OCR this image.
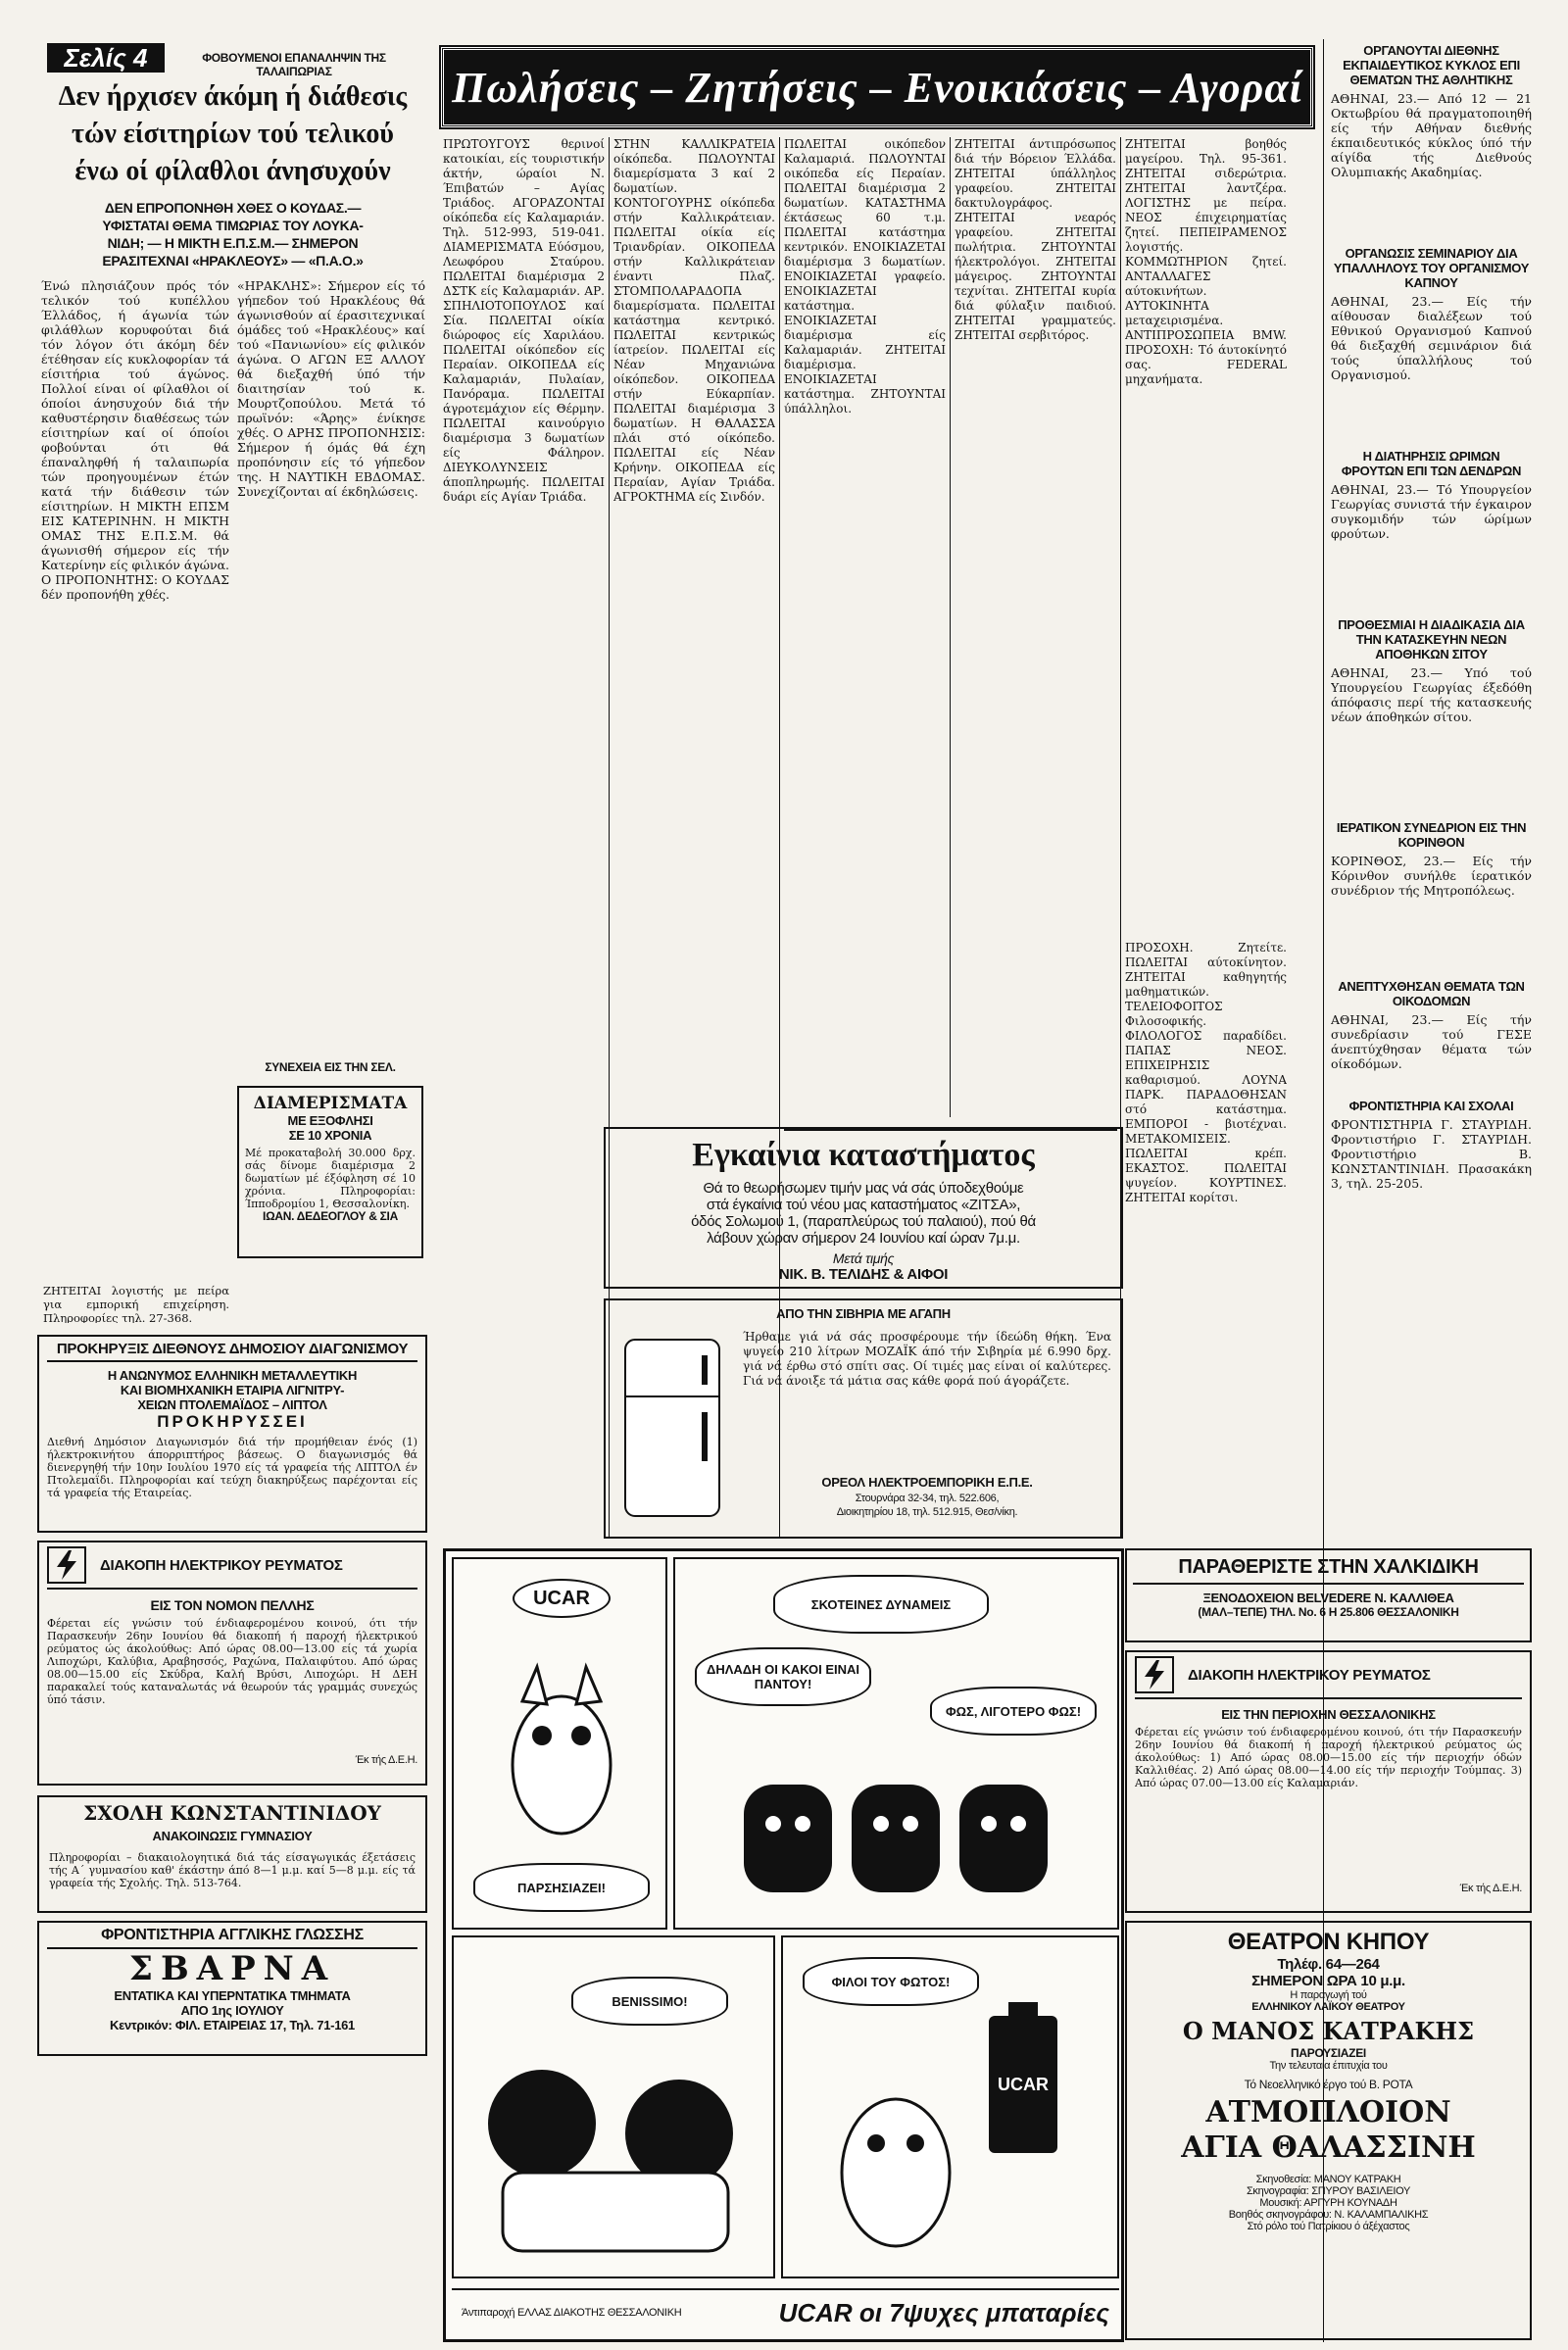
Σελίς 4	ΦΟΒΟΥΜΕΝΟΙ ΕΠΑΝΑΛΗΨΙΝ ΤΗΣ ΤΑΛΑΙΠΩΡΙΑΣ
Δεν ήρχισεν άκόμη ή διάθεσις
τών είσιτηρίων τού τελικού
ένω οί φίλαθλοι άνησυχούν
ΔΕΝ ΕΠΡΟΠΟΝΗΘΗ ΧΘΕΣ Ο ΚΟΥΔΑΣ.—
ΥΦΙΣΤΑΤΑΙ ΘΕΜΑ ΤΙΜΩΡΙΑΣ ΤΟΥ ΛΟΥΚΑ-
ΝΙΔΗ; — Η ΜΙΚΤΗ Ε.Π.Σ.Μ.— ΣΗΜΕΡΟΝ
ΕΡΑΣΙΤΕΧΝΑΙ «ΗΡΑΚΛΕΟΥΣ» — «Π.Α.Ο.»
Ένώ πλησιάζουν πρός τόν τελικόν τού κυπέλλου Έλλάδος, ή άγωνία τών φιλάθλων κορυφούται διά τόν λόγον ότι άκόμη δέν έτέθησαν είς κυκλοφορίαν τά είσιτήρια τού άγώνος. Πολλοί είναι οί φίλαθλοι οί όποίοι άνησυχούν διά τήν καθυστέρησιν διαθέσεως τών είσιτηρίων καί οί όποίοι φοβούνται ότι θά έπαναληφθή ή ταλαιπωρία τών προηγουμένων έτών κατά τήν διάθεσιν τών είσιτηρίων. Η ΜΙΚΤΗ ΕΠΣΜ ΕΙΣ ΚΑΤΕΡΙΝΗΝ. Η ΜΙΚΤΗ ΟΜΑΣ ΤΗΣ Ε.Π.Σ.Μ. θά άγωνισθή σήμερον είς τήν Κατερίνην είς φιλικόν άγώνα. Ο ΠΡΟΠΟΝΗΤΗΣ: Ο ΚΟΥΔΑΣ δέν προπονήθη χθές.
«ΗΡΑΚΛΗΣ»: Σήμερον είς τό γήπεδον τού Ηρακλέους θά άγωνισθούν αί έρασιτεχνικαί όμάδες τού «Ηρακλέους» καί τού «Πανιωνίου» είς φιλικόν άγώνα. Ο ΑΓΩΝ ΕΞ ΑΛΛΟΥ θά διεξαχθή ύπό τήν διαιτησίαν τού κ. Μουρτζοπούλου. Μετά τό πρωϊνόν: «Άρης» ένίκησε χθές. Ο ΑΡΗΣ ΠΡΟΠΟΝΗΣΙΣ: Σήμερον ή όμάς θά έχη προπόνησιν είς τό γήπεδον της. Η ΝΑΥΤΙΚΗ ΕΒΔΟΜΑΣ. Συνεχίζονται αί έκδηλώσεις.
ΔΙΑΜΕΡΙΣΜΑΤΑ
ΜΕ ΕΞΟΦΛΗΣΙ
ΣΕ 10 ΧΡΟΝΙΑ
Μέ προκαταβολή 30.000 δρχ. σάς δίνομε διαμέρισμα 2 δωματίων μέ έξόφληση σέ 10 χρόνια. Πληροφορίαι: Ίπποδρομίου 1, Θεσσαλονίκη.
ΙΩΑΝ. ΔΕΔΕΟΓΛΟΥ & ΣΙΑ
ΖΗΤΕΙΤΑΙ λογιστής με πείρα για εμπορική επιχείρηση. Πληροφορίες τηλ. 27-368.
ΠΡΟΚΗΡΥΞΙΣ ΔΙΕΘΝΟΥΣ ΔΗΜΟΣΙΟΥ ΔΙΑΓΩΝΙΣΜΟΥ
Η ΑΝΩΝΥΜΟΣ ΕΛΛΗΝΙΚΗ ΜΕΤΑΛΛΕΥΤΙΚΗ
ΚΑΙ ΒΙΟΜΗΧΑΝΙΚΗ ΕΤΑΙΡΙΑ ΛΙΓΝΙΤΡΥ-
ΧΕΙΩΝ ΠΤΟΛΕΜΑΪΔΟΣ – ΛΙΠΤΟΛ
ΠΡΟΚΗΡΥΣΣΕΙ
Διεθνή Δημόσιον Διαγωνισμόν διά τήν προμήθειαν ένός (1) ήλεκτροκινήτου άπορριπτήρος βάσεως. Ο διαγωνισμός θά διενεργηθή τήν 10ην Ιουλίου 1970 είς τά γραφεία τής ΛΙΠΤΟΛ έν Πτολεμαΐδι. Πληροφορίαι καί τεύχη διακηρύξεως παρέχονται είς τά γραφεία τής Εταιρείας.
ΔΙΑΚΟΠΗ ΗΛΕΚΤΡΙΚΟΥ ΡΕΥΜΑΤΟΣ
ΕΙΣ ΤΟΝ ΝΟΜΟΝ ΠΕΛΛΗΣ
Φέρεται είς γνώσιν τού ένδιαφερομένου κοινού, ότι τήν Παρασκευήν 26ην Ιουνίου θά διακοπή ή παροχή ήλεκτρικού ρεύματος ώς άκολούθως: Από ώρας 08.00—13.00 είς τά χωρία Λιποχώρι, Καλύβια, Αραβησσός, Ραχώνα, Παλαιφύτου. Από ώρας 08.00—15.00 είς Σκύδρα, Καλή Βρύσι, Λιποχώρι. Η ΔΕΗ παρακαλεί τούς καταναλωτάς νά θεωρούν τάς γραμμάς συνεχώς ύπό τάσιν.
Έκ τής Δ.Ε.Η.
ΣΧΟΛΗ ΚΩΝΣΤΑΝΤΙΝΙΔΟΥ
ΑΝΑΚΟΙΝΩΣΙΣ ΓΥΜΝΑΣΙΟΥ
Πληροφορίαι – διακαιολογητικά διά τάς είσαγωγικάς έξετάσεις τής Α΄ γυμνασίου καθ' έκάστην άπό 8—1 μ.μ. καί 5—8 μ.μ. είς τά γραφεία τής Σχολής. Τηλ. 513-764.
ΦΡΟΝΤΙΣΤΗΡΙΑ ΑΓΓΛΙΚΗΣ ΓΛΩΣΣΗΣ
ΣΒΑΡΝΑ
ΕΝΤΑΤΙΚΑ ΚΑΙ ΥΠΕΡΝΤΑΤΙΚΑ ΤΜΗΜΑΤΑ
ΑΠΟ 1ης ΙΟΥΛΙΟΥ
Κεντρικόν: ΦΙΛ. ΕΤΑΙΡΕΙΑΣ 17, Τηλ. 71-161
Πωλήσεις – Ζητήσεις – Ενοικιάσεις – Αγοραί
ΠΡΩΤΟΥΓΟΥΣ θερινοί κατοικίαι, είς τουριστικήν άκτήν, ώραίοι Ν. Έπιβατών – Αγίας Τριάδος. ΑΓΟΡΑΖΟΝΤΑΙ οίκόπεδα είς Καλαμαριάν. Τηλ. 512-993, 519-041. ΔΙΑΜΕΡΙΣΜΑΤΑ Εύόσμου, Λεωφόρου Σταύρου. ΠΩΛΕΙΤΑΙ διαμέρισμα 2 ΔΣΤΚ είς Καλαμαριάν. ΑΡ. ΣΠΗΛΙΟΤΟΠΟΥΛΟΣ καί Σία. ΠΩΛΕΙΤΑΙ οίκία διώροφος είς Χαριλάου. ΠΩΛΕΙΤΑΙ οίκόπεδον είς Περαίαν. ΟΙΚΟΠΕΔΑ είς Καλαμαριάν, Πυλαίαν, Πανόραμα. ΠΩΛΕΙΤΑΙ άγροτεμάχιον είς Θέρμην. ΠΩΛΕΙΤΑΙ καινούργιο διαμέρισμα 3 δωματίων είς Φάληρον. ΔΙΕΥΚΟΛΥΝΣΕΙΣ άποπληρωμής. ΠΩΛΕΙΤΑΙ δυάρι είς Αγίαν Τριάδα.
ΣΤΗΝ ΚΑΛΛΙΚΡΑΤΕΙΑ οίκόπεδα. ΠΩΛΟΥΝΤΑΙ διαμερίσματα 3 καί 2 δωματίων. ΚΟΝΤΟΓΟΥΡΗΣ οίκόπεδα στήν Καλλικράτειαν. ΠΩΛΕΙΤΑΙ οίκία είς Τριανδρίαν. ΟΙΚΟΠΕΔΑ στήν Καλλικράτειαν έναντι Πλαζ. ΣΤΟΜΠΟΛΑΡΑΔΟΠΑ διαμερίσματα. ΠΩΛΕΙΤΑΙ κατάστημα κεντρικό. ΠΩΛΕΙΤΑΙ κεντρικώς ίατρείον. ΠΩΛΕΙΤΑΙ είς Νέαν Μηχανιώνα οίκόπεδον. ΟΙΚΟΠΕΔΑ στήν Εύκαρπίαν. ΠΩΛΕΙΤΑΙ διαμέρισμα 3 δωματίων. Η ΘΑΛΑΣΣΑ πλάι στό οίκόπεδο. ΠΩΛΕΙΤΑΙ είς Νέαν Κρήνην. ΟΙΚΟΠΕΔΑ είς Περαίαν, Αγίαν Τριάδα. ΑΓΡΟΚΤΗΜΑ είς Σινδόν.
ΠΩΛΕΙΤΑΙ οικόπεδον Καλαμαριά. ΠΩΛΟΥΝΤΑΙ οικόπεδα είς Περαίαν. ΠΩΛΕΙΤΑΙ διαμέρισμα 2 δωματίων. ΚΑΤΑΣΤΗΜΑ έκτάσεως 60 τ.μ. ΠΩΛΕΙΤΑΙ κατάστημα κεντρικόν. ΕΝΟΙΚΙΑΖΕΤΑΙ διαμέρισμα 3 δωματίων. ΕΝΟΙΚΙΑΖΕΤΑΙ γραφείο. ΕΝΟΙΚΙΑΖΕΤΑΙ κατάστημα. ΕΝΟΙΚΙΑΖΕΤΑΙ διαμέρισμα είς Καλαμαριάν. ΖΗΤΕΙΤΑΙ διαμέρισμα. ΕΝΟΙΚΙΑΖΕΤΑΙ κατάστημα. ΖΗΤΟΥΝΤΑΙ ύπάλληλοι.
ΖΗΤΕΙΤΑΙ άντιπρόσωπος διά τήν Βόρειον Έλλάδα. ΖΗΤΕΙΤΑΙ ύπάλληλος γραφείου. ΖΗΤΕΙΤΑΙ δακτυλογράφος. ΖΗΤΕΙΤΑΙ νεαρός γραφείου. ΖΗΤΕΙΤΑΙ πωλήτρια. ΖΗΤΟΥΝΤΑΙ ήλεκτρολόγοι. ΖΗΤΕΙΤΑΙ μάγειρος. ΖΗΤΟΥΝΤΑΙ τεχνίται. ΖΗΤΕΙΤΑΙ κυρία διά φύλαξιν παιδιού. ΖΗΤΕΙΤΑΙ γραμματεύς. ΖΗΤΕΙΤΑΙ σερβιτόρος.
ΖΗΤΕΙΤΑΙ βοηθός μαγείρου. Τηλ. 95-361. ΖΗΤΕΙΤΑΙ σιδερώτρια. ΖΗΤΕΙΤΑΙ λαντζέρα. ΛΟΓΙΣΤΗΣ με πείρα. ΝΕΟΣ έπιχειρηματίας ζητεί. ΠΕΠΕΙΡΑΜΕΝΟΣ λογιστής. ΚΟΜΜΩΤΗΡΙΟΝ ζητεί. ΑΝΤΑΛΛΑΓΕΣ αύτοκινήτων. ΑΥΤΟΚΙΝΗΤΑ μεταχειρισμένα. ΑΝΤΙΠΡΟΣΩΠΕΙΑ BMW. ΠΡΟΣΟΧΗ: Τό άυτοκίνητό σας. FEDERAL μηχανήματα.
ΠΡΟΣΟΧΗ. Ζητείτε. ΠΩΛΕΙΤΑΙ αύτοκίνητον. ΖΗΤΕΙΤΑΙ καθηγητής μαθηματικών. ΤΕΛΕΙΟΦΟΙΤΟΣ Φιλοσοφικής. ΦΙΛΟΛΟΓΟΣ παραδίδει. ΠΑΠΑΣ ΝΕΟΣ. ΕΠΙΧΕΙΡΗΣΙΣ καθαρισμού. ΛΟΥΝΑ ΠΑΡΚ. ΠΑΡΑΔΟΘΗΣΑΝ στό κατάστημα. ΕΜΠΟΡΟΙ - βιοτέχναι. ΜΕΤΑΚΟΜΙΣΕΙΣ. ΠΩΛΕΙΤΑΙ κρέπ. ΕΚΑΣΤΟΣ. ΠΩΛΕΙΤΑΙ ψυγείον. ΚΟΥΡΤΙΝΕΣ. ΖΗΤΕΙΤΑΙ κορίτσι.
Εγκαίνια καταστήματος
Θά το θεωρήσωμεν τιμήν μας νά σάς ύποδεχθούμε
στά έγκαίνια τού νέου μας καταστήματος «ΖΙΤΣΑ»,
όδός Σολωμού 1, (παραπλεύρως τού παλαιού), πού θά
λάβουν χώραν σήμερον 24 Ιουνίου καί ώραν 7μ.μ.
Μετά τιμής
ΝΙΚ. Β. ΤΕΛΙΔΗΣ & ΑΙΦΟΙ
ΑΠΟ ΤΗΝ ΣΙΒΗΡΙΑ ΜΕ ΑΓΑΠΗ
Ήρθαμε γιά νά σάς προσφέρουμε τήν ίδεώδη θήκη. Ένα ψυγείο 210 λίτρων ΜΟΖΑΪΚ άπό τήν Σιβηρία μέ 6.990 δρχ. γιά νά έρθω στό σπίτι σας. Οί τιμές μας είναι οί καλύτερες. Γιά νά άνοιξε τά μάτια σας κάθε φορά πού άγοράζετε.
ΟΡΕΟΛ ΗΛΕΚΤΡΟΕΜΠΟΡΙΚΗ Ε.Π.Ε.
Στουρνάρα 32-34, τηλ. 522.606,
Διοικητηρίου 18, τηλ. 512.915, Θεσ/νίκη.
UCAR
ΠΑΡΣΗΣΙΑΖΕΙ!
ΣΚΟΤΕΙΝΕΣ ΔΥΝΑΜΕΙΣ
ΔΗΛΑΔΗ ΟΙ ΚΑΚΟΙ ΕΙΝΑΙ ΠΑΝΤΟΥ!
ΦΩΣ, ΛΙΓΟΤΕΡΟ ΦΩΣ!
BENISSIMO!
ΦΙΛΟΙ ΤΟΥ ΦΩΤΟΣ!
UCAR
Άντιπαροχή ΕΛΛΑΣ ΔΙΑΚΟΤΗΣ ΘΕΣΣΑΛΟΝΙΚΗ	UCAR οι 7ψυχες μπαταρίες
ΟΡΓΑΝΟΥΤΑΙ ΔΙΕΘΝΗΣ ΕΚΠΑΙΔΕΥΤΙΚΟΣ ΚΥΚΛΟΣ ΕΠΙ ΘΕΜΑΤΩΝ ΤΗΣ ΑΘΛΗΤΙΚΗΣ
ΑΘΗΝΑΙ, 23.— Από 12 — 21 Οκτωβρίου θά πραγματοποιηθή είς τήν Αθήναν διεθνής έκπαιδευτικός κύκλος ύπό τήν αίγίδα τής Διεθνούς Ολυμπιακής Ακαδημίας.
ΟΡΓΑΝΩΣΙΣ ΣΕΜΙΝΑΡΙΟΥ ΔΙΑ ΥΠΑΛΛΗΛΟΥΣ ΤΟΥ ΟΡΓΑΝΙΣΜΟΥ ΚΑΠΝΟΥ
ΑΘΗΝΑΙ, 23.— Είς τήν αίθουσαν διαλέξεων τού Εθνικού Οργανισμού Καπνού θά διεξαχθή σεμινάριον διά τούς ύπαλλήλους τού Οργανισμού.
Η ΔΙΑΤΗΡΗΣΙΣ ΩΡΙΜΩΝ ΦΡΟΥΤΩΝ ΕΠΙ ΤΩΝ ΔΕΝΔΡΩΝ
ΑΘΗΝΑΙ, 23.— Τό Υπουργείον Γεωργίας συνιστά τήν έγκαιρον συγκομιδήν τών ώρίμων φρούτων.
ΠΡΟΘΕΣΜΙΑΙ Η ΔΙΑΔΙΚΑΣΙΑ ΔΙΑ ΤΗΝ ΚΑΤΑΣΚΕΥΗΝ ΝΕΩΝ ΑΠΟΘΗΚΩΝ ΣΙΤΟΥ
ΑΘΗΝΑΙ, 23.— Υπό τού Υπουργείου Γεωργίας έξεδόθη άπόφασις περί τής κατασκευής νέων άποθηκών σίτου.
ΙΕΡΑΤΙΚΟΝ ΣΥΝΕΔΡΙΟΝ ΕΙΣ ΤΗΝ ΚΟΡΙΝΘΟΝ
ΚΟΡΙΝΘΟΣ, 23.— Είς τήν Κόρινθον συνήλθε ίερατικόν συνέδριον τής Μητροπόλεως.
ΑΝΕΠΤΥΧΘΗΣΑΝ ΘΕΜΑΤΑ ΤΩΝ ΟΙΚΟΔΟΜΩΝ
ΑΘΗΝΑΙ, 23.— Είς τήν συνεδρίασιν τού ΓΕΣΕ άνεπτύχθησαν θέματα τών οίκοδόμων.
ΦΡΟΝΤΙΣΤΗΡΙΑ ΚΑΙ ΣΧΟΛΑΙ
ΦΡΟΝΤΙΣΤΗΡΙΑ Γ. ΣΤΑΥΡΙΔΗ. Φροντιστήριο Γ. ΣΤΑΥΡΙΔΗ. Φροντιστήριο Β. ΚΩΝΣΤΑΝΤΙΝΙΔΗ. Πρασακάκη 3, τηλ. 25-205.
ΠΑΡΑΘΕΡΙΣΤΕ ΣΤΗΝ ΧΑΛΚΙΔΙΚΗ
ΞΕΝΟΔΟΧΕΙΟΝ BELVEDERE Ν. ΚΑΛΛΙΘΕΑ
(ΜΑΛ–ΤΕΠΕ) ΤΗΛ. Νο. 6 Η 25.806 ΘΕΣΣΑΛΟΝΙΚΗ
ΔΙΑΚΟΠΗ ΗΛΕΚΤΡΙΚΟΥ ΡΕΥΜΑΤΟΣ
ΕΙΣ ΤΗΝ ΠΕΡΙΟΧΗΝ ΘΕΣΣΑΛΟΝΙΚΗΣ
Φέρεται είς γνώσιν τού ένδιαφερομένου κοινού, ότι τήν Παρασκευήν 26ην Ιουνίου θά διακοπή ή παροχή ήλεκτρικού ρεύματος ώς άκολούθως: 1) Από ώρας 08.00—15.00 είς τήν περιοχήν όδών Καλλιθέας. 2) Από ώρας 08.00—14.00 είς τήν περιοχήν Τούμπας. 3) Από ώρας 07.00—13.00 είς Καλαμαριάν.
Έκ τής Δ.Ε.Η.
ΘΕΑΤΡΟΝ ΚΗΠΟΥ
Τηλέφ. 64—264
ΣΗΜΕΡΟΝ ΩΡΑ 10 μ.μ.
Η παραγωγή τού
ΕΛΛΗΝΙΚΟΥ ΛΑΪΚΟΥ ΘΕΑΤΡΟΥ
Ο ΜΑΝΟΣ ΚΑΤΡΑΚΗΣ
ΠΑΡΟΥΣΙΑΖΕΙ
Την τελευταία έπιτυχία του
Τό Νεοελληνικό έργο τού Β. ΡΟΤΑ
ΑΤΜΟΠΛΟΙΟΝ
ΑΓΙΑ ΘΑΛΑΣΣΙΝΗ
Σκηνοθεσία: ΜΑΝΟΥ ΚΑΤΡΑΚΗ
Σκηνογραφία: ΣΠΥΡΟΥ ΒΑΣΙΛΕΙΟΥ
Μουσική: ΑΡΓΥΡΗ ΚΟΥΝΑΔΗ
Βοηθός σκηνογράφου: Ν. ΚΑΛΑΜΠΑΛΙΚΗΣ
Στό ρόλο τού Πατρίκιου ό άξέχαστος
ΣΥΝΕΧΕΙΑ ΕΙΣ ΤΗΝ ΣΕΛ.
